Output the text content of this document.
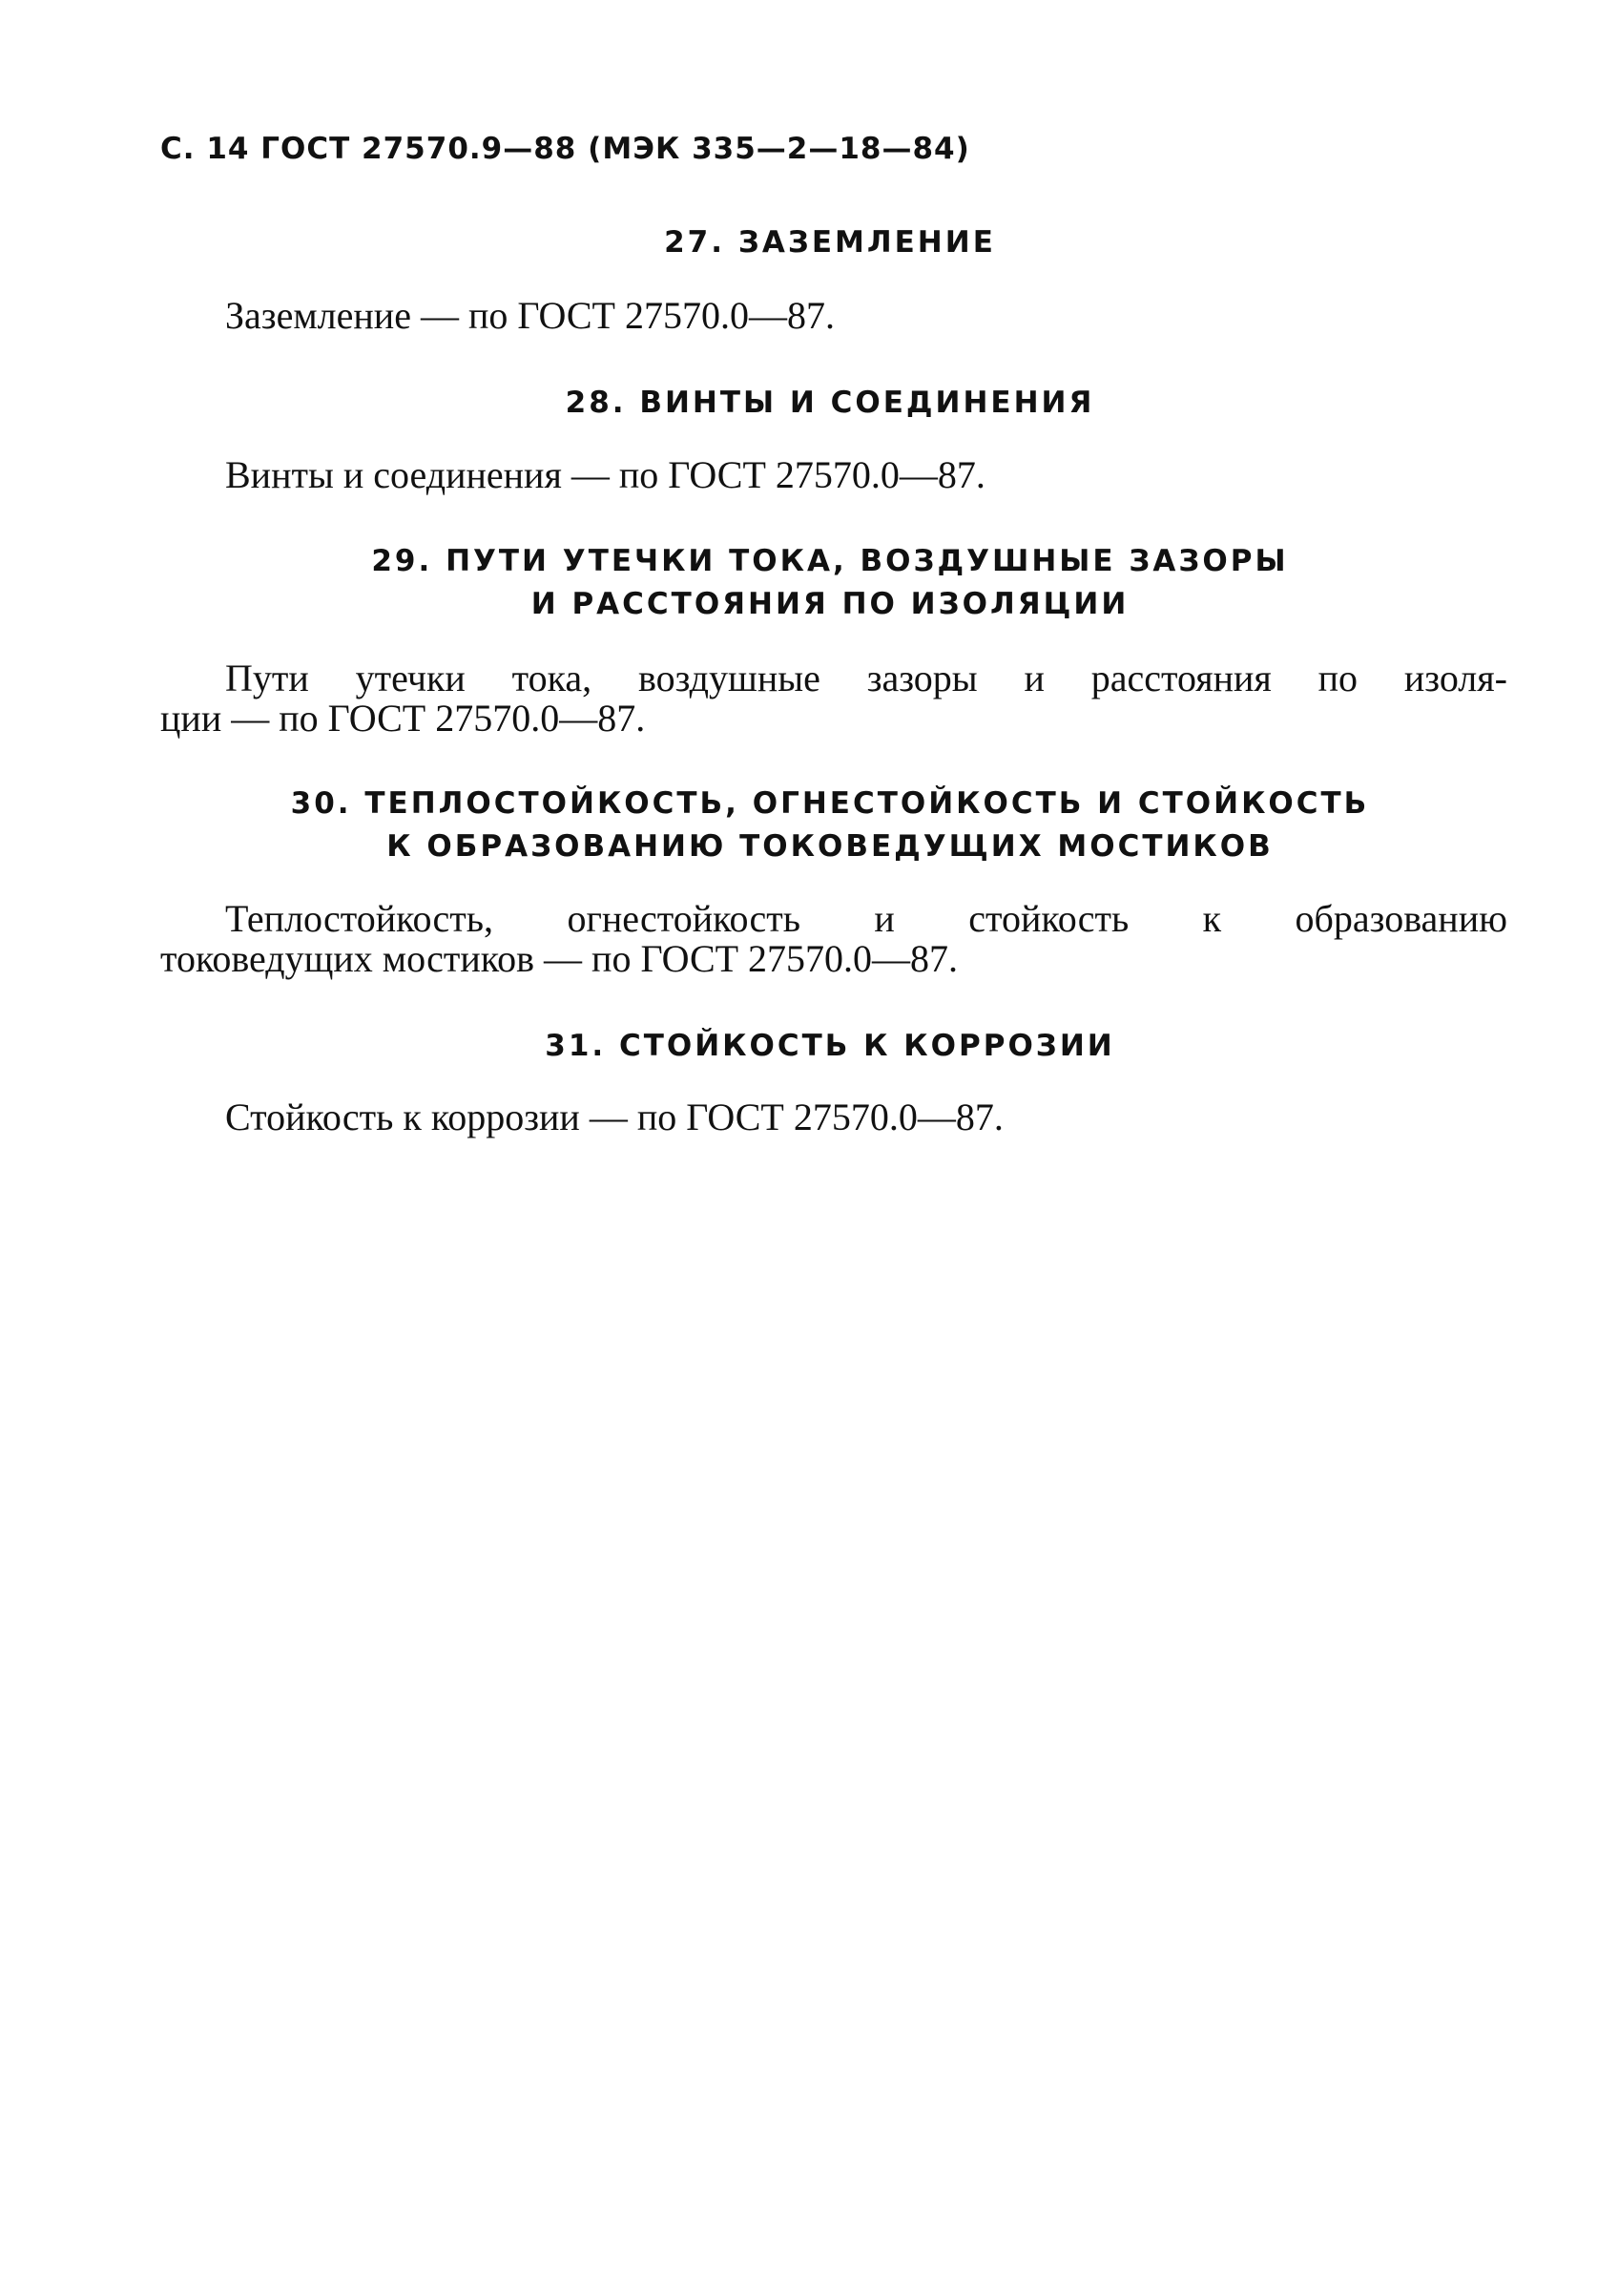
С. 14 ГОСТ 27570.9—88 (МЭК 335—2—18—84)
27. ЗАЗЕМЛЕНИЕ
Заземление — по ГОСТ 27570.0—87.
28. ВИНТЫ И СОЕДИНЕНИЯ
Винты и соединения — по ГОСТ 27570.0—87.
29. ПУТИ УТЕЧКИ ТОКА, ВОЗДУШНЫЕ ЗАЗОРЫ
И РАССТОЯНИЯ ПО ИЗОЛЯЦИИ
Пути утечки тока, воздушные зазоры и расстояния по изоля-
ции — по ГОСТ 27570.0—87.
30. ТЕПЛОСТОЙКОСТЬ, ОГНЕСТОЙКОСТЬ И СТОЙКОСТЬ
К ОБРАЗОВАНИЮ ТОКОВЕДУЩИХ МОСТИКОВ
Теплостойкость, огнестойкость и стойкость к образованию
токоведущих мостиков — по ГОСТ 27570.0—87.
31. СТОЙКОСТЬ К КОРРОЗИИ
Стойкость к коррозии — по ГОСТ 27570.0—87.
